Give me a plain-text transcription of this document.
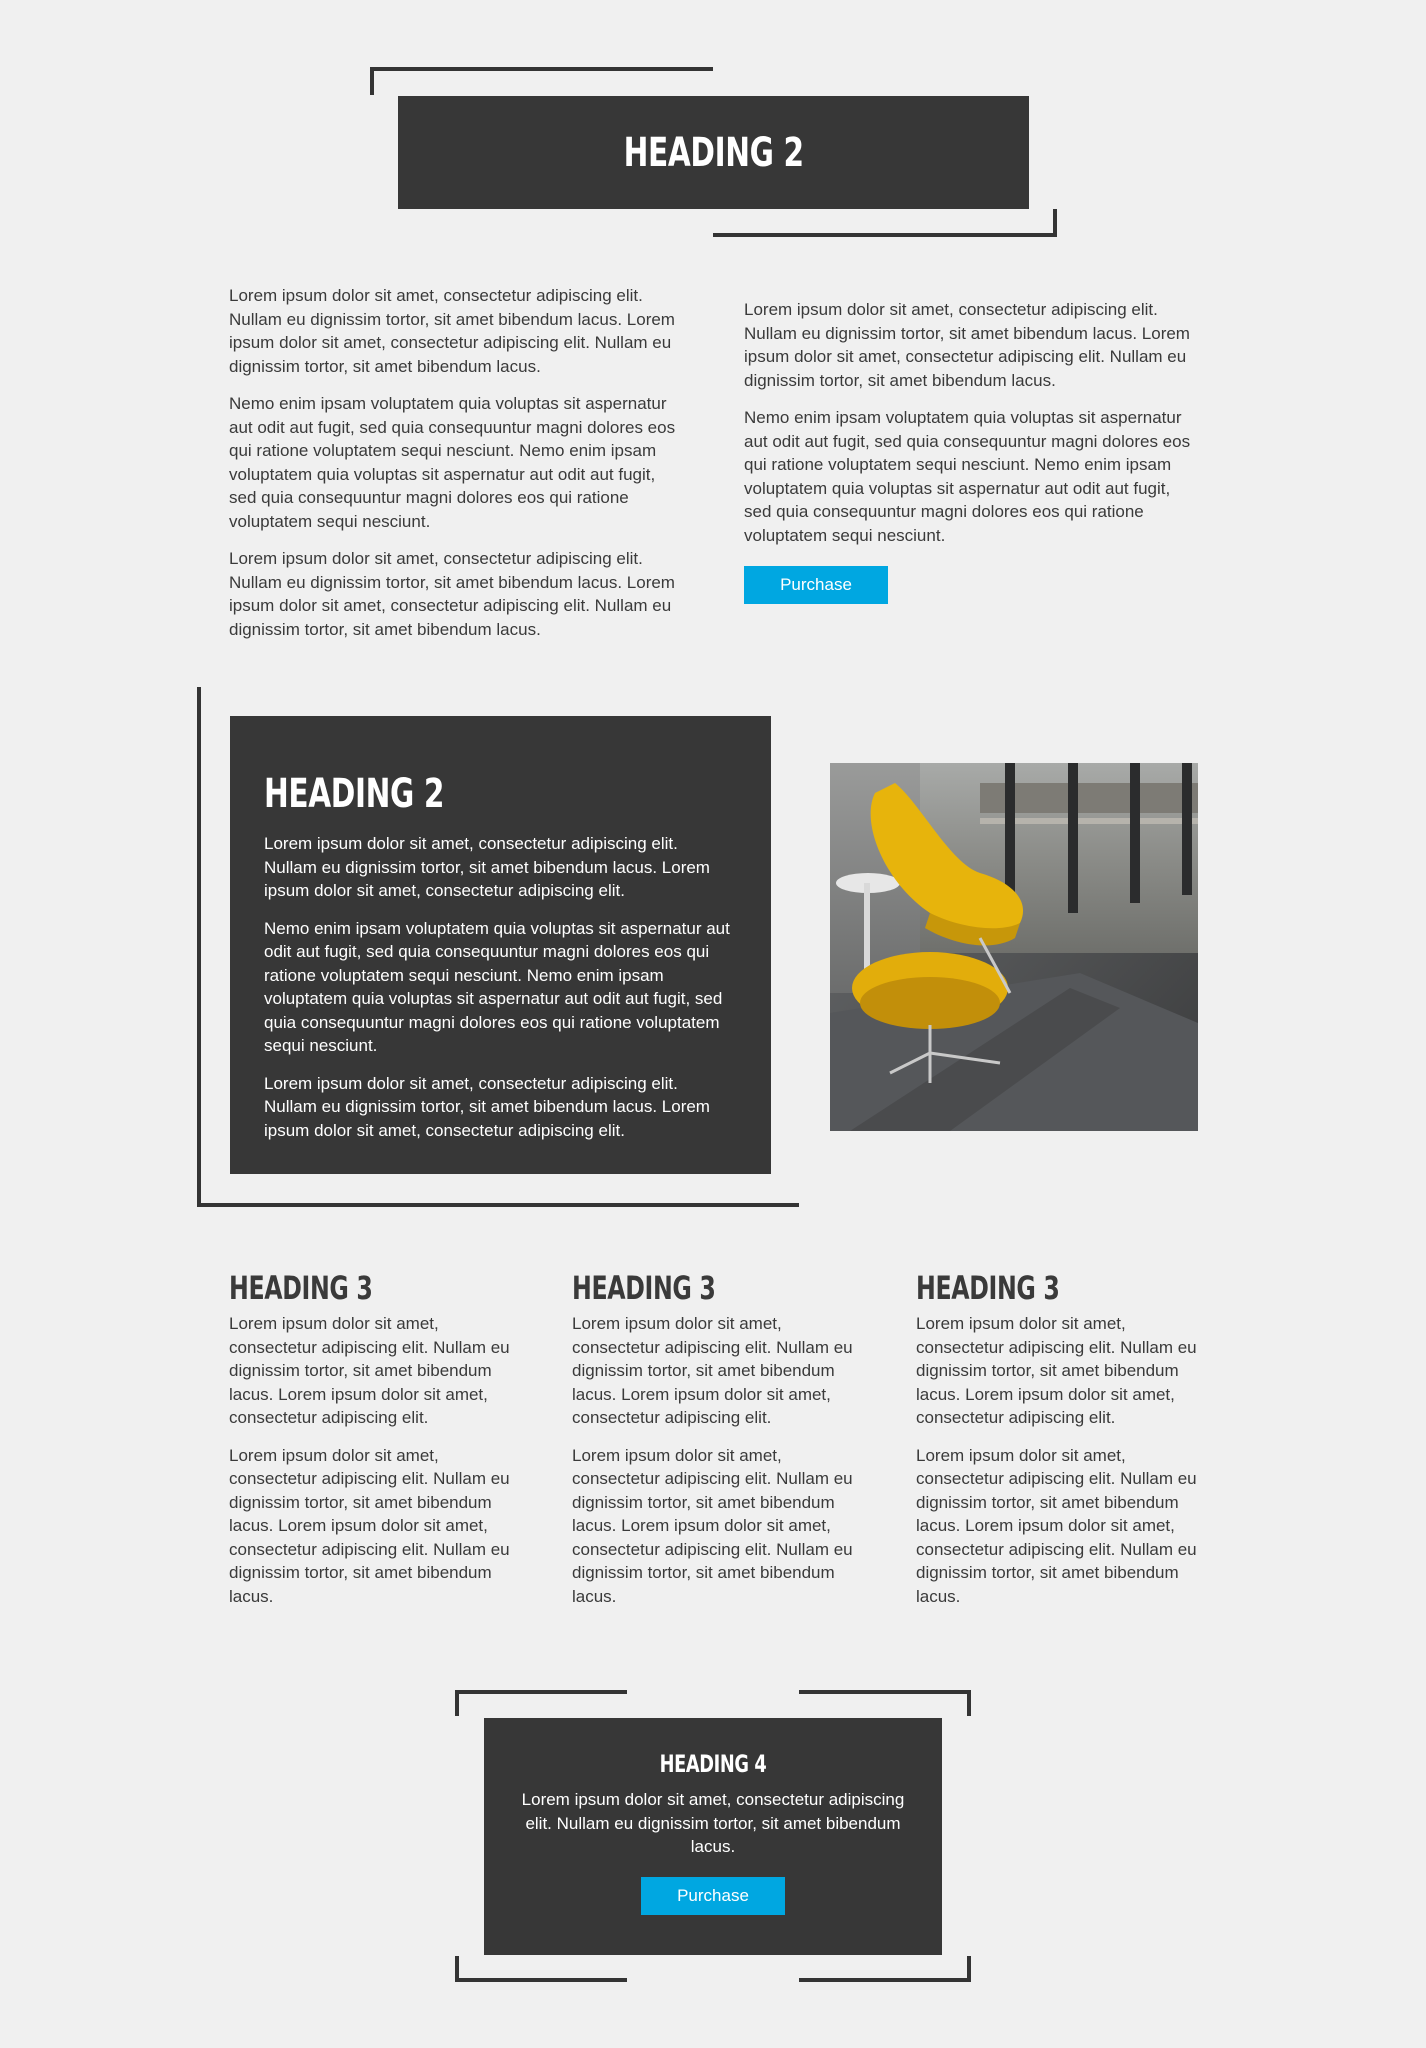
HEADING 2

Lorem ipsum dolor sit amet, consectetur adipiscing elit. Nullam eu dignissim tortor, sit amet bibendum lacus. Lorem ipsum dolor sit amet, consectetur adipiscing elit. Nullam eu dignissim tortor, sit amet bibendum lacus.

Nemo enim ipsam voluptatem quia voluptas sit aspernatur aut odit aut fugit, sed quia consequuntur magni dolores eos qui ratione voluptatem sequi nesciunt. Nemo enim ipsam voluptatem quia voluptas sit aspernatur aut odit aut fugit, sed quia consequuntur magni dolores eos qui ratione voluptatem sequi nesciunt.

Lorem ipsum dolor sit amet, consectetur adipiscing elit. Nullam eu dignissim tortor, sit amet bibendum lacus. Lorem ipsum dolor sit amet, consectetur adipiscing elit. Nullam eu dignissim tortor, sit amet bibendum lacus.

Lorem ipsum dolor sit amet, consectetur adipiscing elit. Nullam eu dignissim tortor, sit amet bibendum lacus. Lorem ipsum dolor sit amet, consectetur adipiscing elit. Nullam eu dignissim tortor, sit amet bibendum lacus.

Nemo enim ipsam voluptatem quia voluptas sit aspernatur aut odit aut fugit, sed quia consequuntur magni dolores eos qui ratione voluptatem sequi nesciunt. Nemo enim ipsam voluptatem quia voluptas sit aspernatur aut odit aut fugit, sed quia consequuntur magni dolores eos qui ratione voluptatem sequi nesciunt.

Purchase
HEADING 2

Lorem ipsum dolor sit amet, consectetur adipiscing elit. Nullam eu dignissim tortor, sit amet bibendum lacus. Lorem ipsum dolor sit amet, consectetur adipiscing elit.

Nemo enim ipsam voluptatem quia voluptas sit aspernatur aut odit aut fugit, sed quia consequuntur magni dolores eos qui ratione voluptatem sequi nesciunt. Nemo enim ipsam voluptatem quia voluptas sit aspernatur aut odit aut fugit, sed quia consequuntur magni dolores eos qui ratione voluptatem sequi nesciunt.

Lorem ipsum dolor sit amet, consectetur adipiscing elit. Nullam eu dignissim tortor, sit amet bibendum lacus. Lorem ipsum dolor sit amet, consectetur adipiscing elit.

HEADING 3

Lorem ipsum dolor sit amet, consectetur adipiscing elit. Nullam eu dignissim tortor, sit amet bibendum lacus. Lorem ipsum dolor sit amet, consectetur adipiscing elit.

Lorem ipsum dolor sit amet, consectetur adipiscing elit. Nullam eu dignissim tortor, sit amet bibendum lacus. Lorem ipsum dolor sit amet, consectetur adipiscing elit. Nullam eu dignissim tortor, sit amet bibendum lacus.

HEADING 3

Lorem ipsum dolor sit amet, consectetur adipiscing elit. Nullam eu dignissim tortor, sit amet bibendum lacus. Lorem ipsum dolor sit amet, consectetur adipiscing elit.

Lorem ipsum dolor sit amet, consectetur adipiscing elit. Nullam eu dignissim tortor, sit amet bibendum lacus. Lorem ipsum dolor sit amet, consectetur adipiscing elit. Nullam eu dignissim tortor, sit amet bibendum lacus.

HEADING 3

Lorem ipsum dolor sit amet, consectetur adipiscing elit. Nullam eu dignissim tortor, sit amet bibendum lacus. Lorem ipsum dolor sit amet, consectetur adipiscing elit.

Lorem ipsum dolor sit amet, consectetur adipiscing elit. Nullam eu dignissim tortor, sit amet bibendum lacus. Lorem ipsum dolor sit amet, consectetur adipiscing elit. Nullam eu dignissim tortor, sit amet bibendum lacus.

HEADING 4

Lorem ipsum dolor sit amet, consectetur adipiscing elit. Nullam eu dignissim tortor, sit amet bibendum lacus.

Purchase
